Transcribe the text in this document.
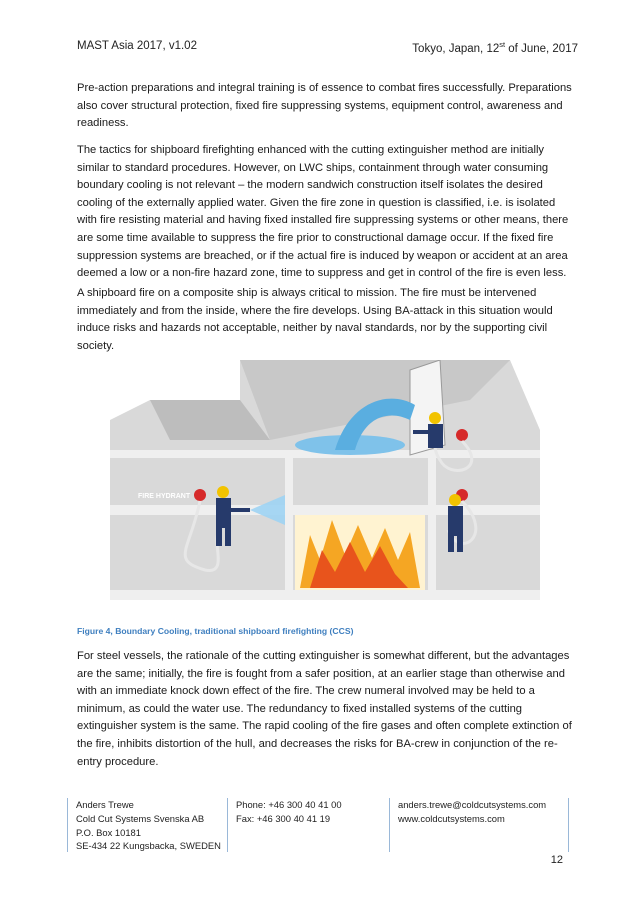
MAST Asia 2017, v1.02	Tokyo, Japan, 12st of June, 2017
Pre-action preparations and integral training is of essence to combat fires successfully. Preparations also cover structural protection, fixed fire suppressing systems, equipment control, awareness and readiness.
The tactics for shipboard firefighting enhanced with the cutting extinguisher method are initially similar to standard procedures. However, on LWC ships, containment through water consuming boundary cooling is not relevant – the modern sandwich construction itself isolates the desired cooling of the externally applied water. Given the fire zone in question is classified, i.e. is isolated with fire resisting material and having fixed installed fire suppressing systems or other means, there are some time available to suppress the fire prior to constructional damage occur. If the fixed fire suppression systems are breached, or if the actual fire is induced by weapon or accident at an area deemed a low or a non-fire hazard zone, time to suppress and get in control of the fire is even less.
A shipboard fire on a composite ship is always critical to mission. The fire must be intervened immediately and from the inside, where the fire develops. Using BA-attack in this situation would induce risks and hazards not acceptable, neither by naval standards, nor by the supporting civil society.
FIRE HYDRANT
Figure 4, Boundary Cooling, traditional shipboard firefighting (CCS)
For steel vessels, the rationale of the cutting extinguisher is somewhat different, but the advantages are the same; initially, the fire is fought from a safer position, at an earlier stage than otherwise and with an immediate knock down effect of the fire. The crew numeral involved may be held to a minimum, as could the water use. The redundancy to fixed installed systems of the cutting extinguisher system is the same. The rapid cooling of the fire gases and often complete extinction of the fire, inhibits distortion of the hull, and decreases the risks for BA-crew in conjunction of the re-entry procedure.
Anders Trewe
Cold Cut Systems Svenska AB
P.O. Box 10181
SE-434 22 Kungsbacka, SWEDEN
Phone: +46 300 40 41 00
Fax: +46 300 40 41 19
anders.trewe@coldcutsystems.com
www.coldcutsystems.com
12
